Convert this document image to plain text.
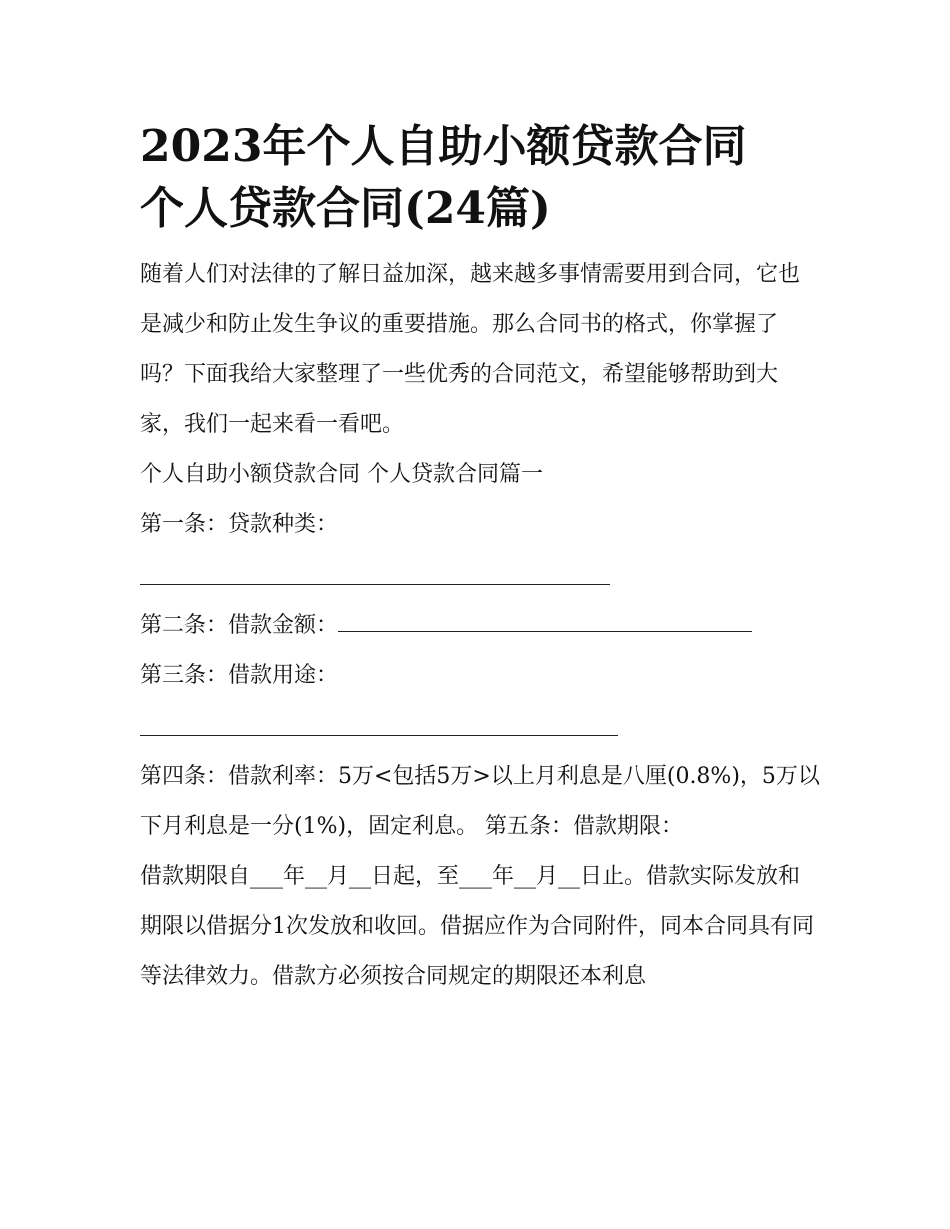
2023年个人自助小额贷款合同
个人贷款合同(24篇)

随着人们对法律的了解日益加深，越来越多事情需要用到合同，它也是减少和防止发生争议的重要措施。那么合同书的格式，你掌握了吗？下面我给大家整理了一些优秀的合同范文，希望能够帮助到大家，我们一起来看一看吧。

个人自助小额贷款合同 个人贷款合同篇一

第一条：贷款种类：

第二条：借款金额：

第三条：借款用途：

第四条：借款利率：5万<包括5万>以上月利息是八厘(0.8%)，5万以下月利息是一分(1%)，固定利息。 第五条：借款期限：

借款期限自___年__月__日起，至___年__月__日止。借款实际发放和期限以借据分1次发放和收回。借据应作为合同附件，同本合同具有同等法律效力。借款方必须按合同规定的期限还本利息
